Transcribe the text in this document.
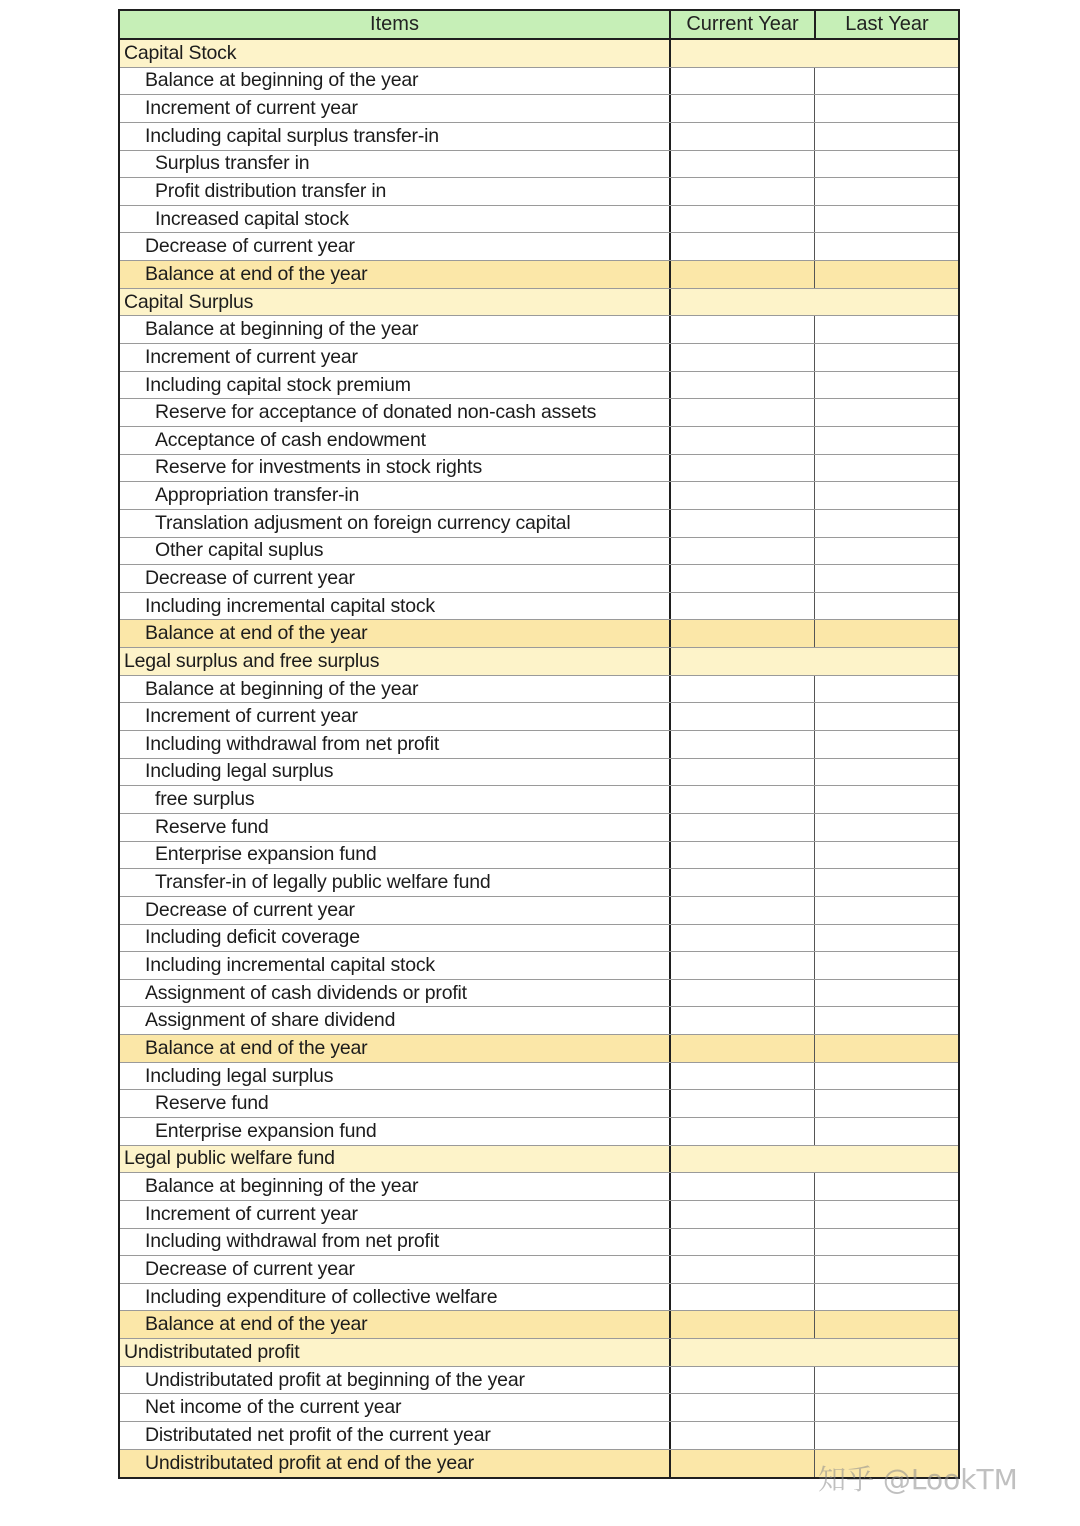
Items	Current Year	Last Year
Capital Stock
Balance at beginning of the year
Increment of current year
Including capital surplus transfer-in
Surplus transfer in
Profit distribution transfer in
Increased capital stock
Decrease of current year
Balance at end of the year
Capital Surplus
Balance at beginning of the year
Increment of current year
Including capital stock premium
Reserve for acceptance of donated non-cash assets
Acceptance of cash endowment
Reserve for investments in stock rights
Appropriation transfer-in
Translation adjusment on foreign currency capital
Other capital suplus
Decrease of current year
Including incremental capital stock
Balance at end of the year
Legal surplus and free surplus
Balance at beginning of the year
Increment of current year
Including withdrawal from net profit
Including legal surplus
free surplus
Reserve fund
Enterprise expansion fund
Transfer-in of legally public welfare fund
Decrease of current year
Including deficit coverage
Including incremental capital stock
Assignment of cash dividends or profit
Assignment of share dividend
Balance at end of the year
Including legal surplus
Reserve fund
Enterprise expansion fund
Legal public welfare fund
Balance at beginning of the year
Increment of current year
Including withdrawal from net profit
Decrease of current year
Including expenditure of collective welfare
Balance at end of the year
Undistributated profit
Undistributated profit at beginning of the year
Net income of the current year
Distributated net profit of the current year
Undistributated profit at end of the year
知乎 @LookTM
